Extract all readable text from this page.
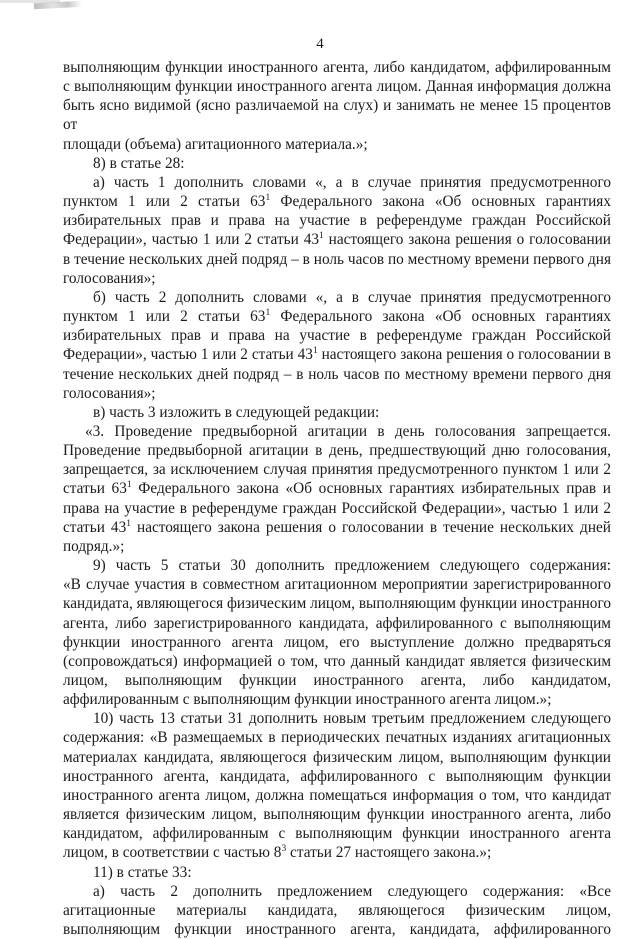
4

выполняющим функции иностранного агента, либо кандидатом, аффилированным

с выполняющим функции иностранного агента лицом. Данная информация должна

быть ясно видимой (ясно различаемой на слух) и занимать не менее 15 процентов от

площади (объема) агитационного материала.»;

8) в статье 28:

а) часть 1 дополнить словами «, а в случае принятия предусмотренного

пунктом 1 или 2 статьи $63^1$ Федерального закона «Об основных гарантиях

избирательных прав и права на участие в референдуме граждан Российской

Федерации», частью 1 или 2 статьи $43^1$ настоящего закона решения о голосовании

в течение нескольких дней подряд – в ноль часов по местному времени первого дня

голосования»;

б) часть 2 дополнить словами «, а в случае принятия предусмотренного

пунктом 1 или 2 статьи $63^1$ Федерального закона «Об основных гарантиях

избирательных прав и права на участие в референдуме граждан Российской

Федерации», частью 1 или 2 статьи $43^1$ настоящего закона решения о голосовании в

течение нескольких дней подряд – в ноль часов по местному времени первого дня

голосования»;

в) часть 3 изложить в следующей редакции:

«3. Проведение предвыборной агитации в день голосования запрещается.

Проведение предвыборной агитации в день, предшествующий дню голосования,

запрещается, за исключением случая принятия предусмотренного пунктом 1 или 2

статьи $63^1$ Федерального закона «Об основных гарантиях избирательных прав и

права на участие в референдуме граждан Российской Федерации», частью 1 или 2

статьи $43^1$ настоящего закона решения о голосовании в течение нескольких дней

подряд.»;

9) часть 5 статьи 30 дополнить предложением следующего содержания:

«В случае участия в совместном агитационном мероприятии зарегистрированного

кандидата, являющегося физическим лицом, выполняющим функции иностранного

агента, либо зарегистрированного кандидата, аффилированного с выполняющим

функции иностранного агента лицом, его выступление должно предваряться

(сопровождаться) информацией о том, что данный кандидат является физическим

лицом, выполняющим функции иностранного агента, либо кандидатом,

аффилированным с выполняющим функции иностранного агента лицом.»;

10) часть 13 статьи 31 дополнить новым третьим предложением следующего

содержания: «В размещаемых в периодических печатных изданиях агитационных

материалах кандидата, являющегося физическим лицом, выполняющим функции

иностранного агента, кандидата, аффилированного с выполняющим функции

иностранного агента лицом, должна помещаться информация о том, что кандидат

является физическим лицом, выполняющим функции иностранного агента, либо

кандидатом, аффилированным с выполняющим функции иностранного агента

лицом, в соответствии с частью $8^3$ статьи 27 настоящего закона.»;

11) в статье 33:

а) часть 2 дополнить предложением следующего содержания: «Все

агитационные материалы кандидата, являющегося физическим лицом,

выполняющим функции иностранного агента, кандидата, аффилированного
